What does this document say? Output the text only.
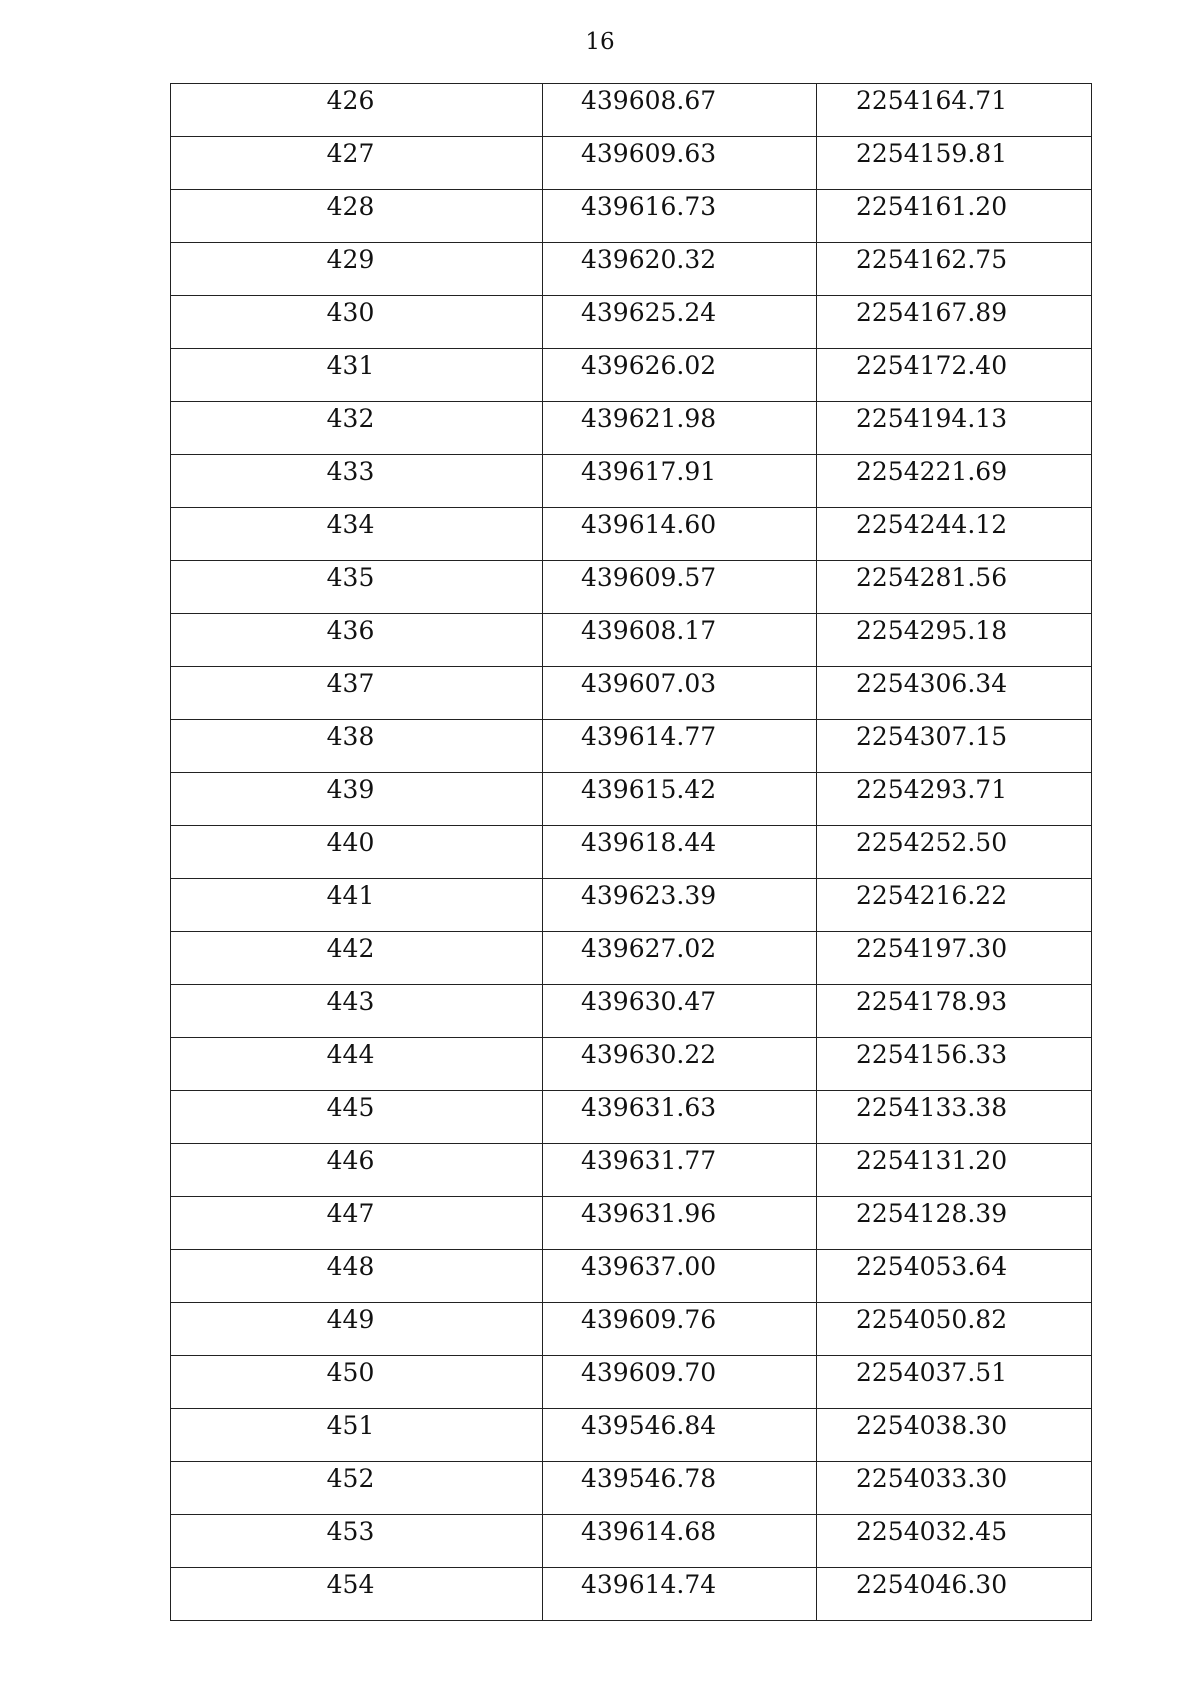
16
426	439608.67	2254164.71

427	439609.63	2254159.81

428	439616.73	2254161.20

429	439620.32	2254162.75

430	439625.24	2254167.89

431	439626.02	2254172.40

432	439621.98	2254194.13

433	439617.91	2254221.69

434	439614.60	2254244.12

435	439609.57	2254281.56

436	439608.17	2254295.18

437	439607.03	2254306.34

438	439614.77	2254307.15

439	439615.42	2254293.71

440	439618.44	2254252.50

441	439623.39	2254216.22

442	439627.02	2254197.30

443	439630.47	2254178.93

444	439630.22	2254156.33

445	439631.63	2254133.38

446	439631.77	2254131.20

447	439631.96	2254128.39

448	439637.00	2254053.64

449	439609.76	2254050.82

450	439609.70	2254037.51

451	439546.84	2254038.30

452	439546.78	2254033.30

453	439614.68	2254032.45

454	439614.74	2254046.30
